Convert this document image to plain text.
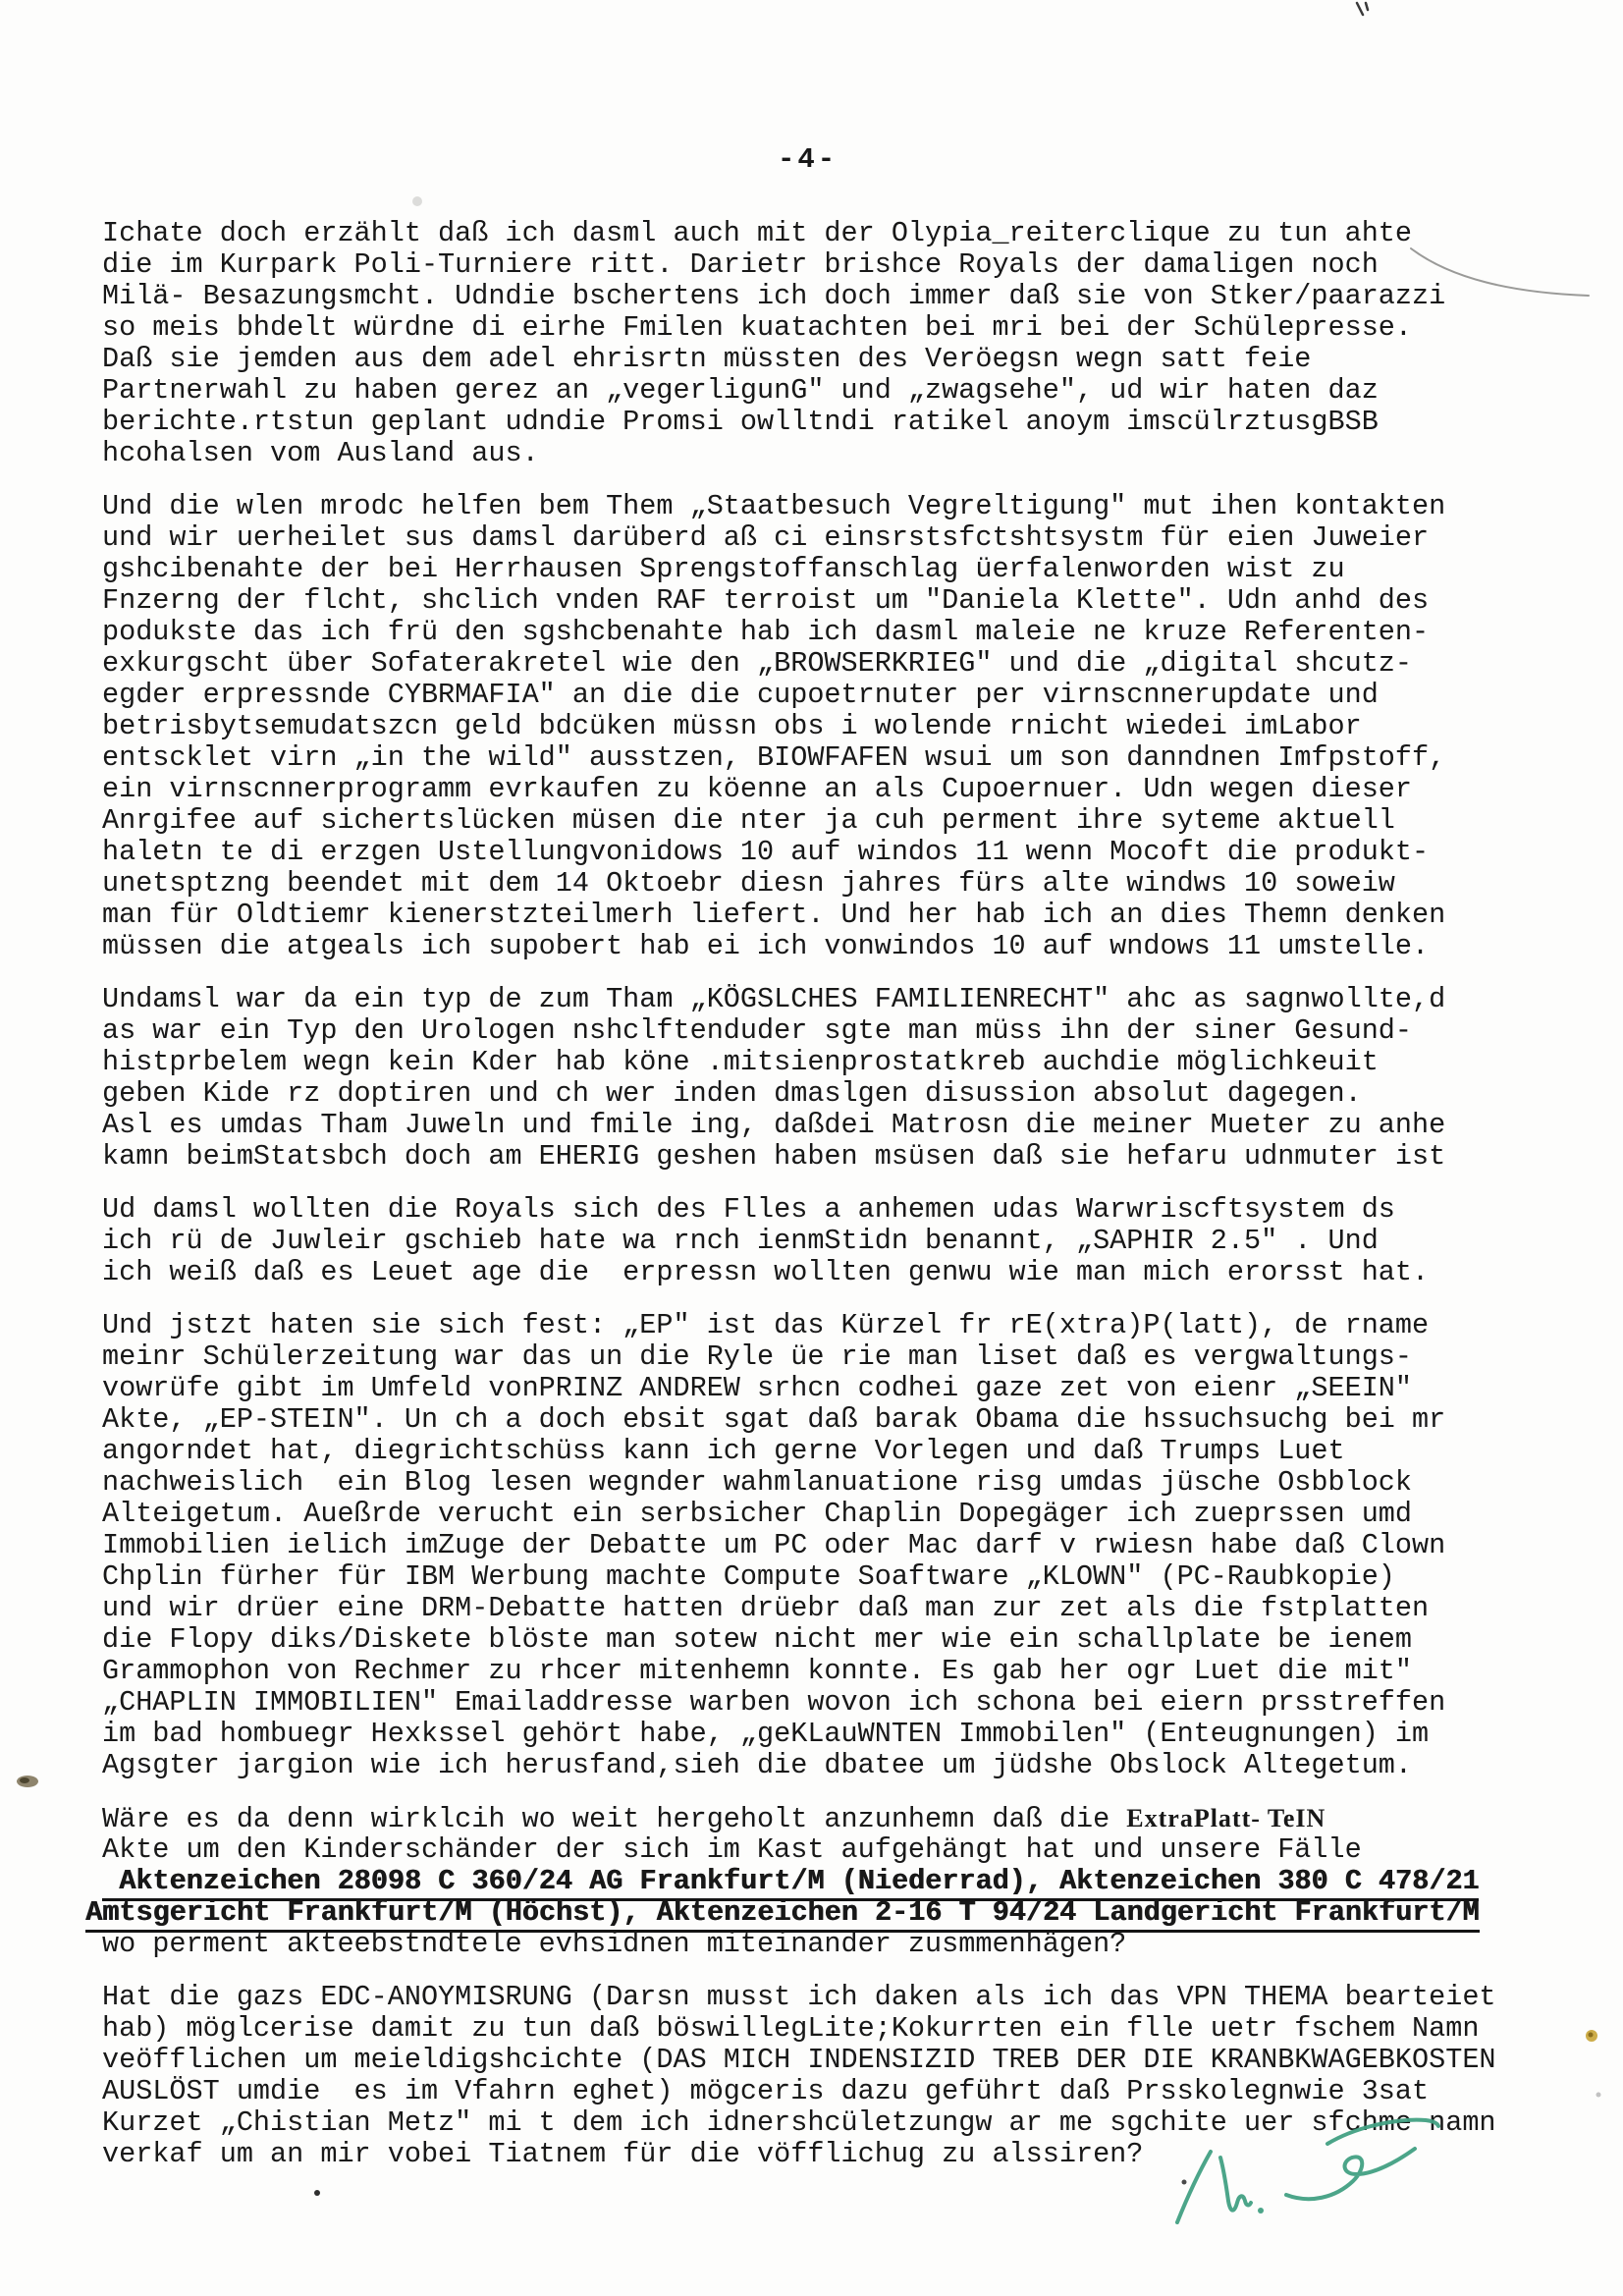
-4-
Ichate doch erzählt daß ich dasml auch mit der Olypia_reiterclique zu tun ahte
die im Kurpark Poli-Turniere ritt. Darietr brishce Royals der damaligen noch
Milä- Besazungsmcht. Udndie bschertens ich doch immer daß sie von Stker/paarazzi
so meis bhdelt würdne di eirhe Fmilen kuatachten bei mri bei der Schülepresse.
Daß sie jemden aus dem adel ehrisrtn müssten des Veröegsn wegn satt feie
Partnerwahl zu haben gerez an „vegerligunG" und „zwagsehe", ud wir haten daz
berichte.rtstun geplant udndie Promsi owlltndi ratikel anoym imscülrztusgBSB
hcohalsen vom Ausland aus.
Und die wlen mrodc helfen bem Them „Staatbesuch Vegreltigung" mut ihen kontakten
und wir uerheilet sus damsl darüberd aß ci einsrstsfctshtsystm für eien Juweier
gshcibenahte der bei Herrhausen Sprengstoffanschlag üerfalenworden wist zu
Fnzerng der flcht, shclich vnden RAF terroist um "Daniela Klette". Udn anhd des
podukste das ich frü den sgshcbenahte hab ich dasml maleie ne kruze Referenten-
exkurgscht über Sofaterakretel wie den „BROWSERKRIEG" und die „digital shcutz-
egder erpressnde CYBRMAFIA" an die die cupoetrnuter per virnscnnerupdate und
betrisbytsemudatszcn geld bdcüken müssn obs i wolende rnicht wiedei imLabor
entscklet virn „in the wild" ausstzen, BIOWFAFEN wsui um son danndnen Imfpstoff,
ein virnscnnerprogramm evrkaufen zu köenne an als Cupoernuer. Udn wegen dieser
Anrgifee auf sichertslücken müsen die nter ja cuh perment ihre syteme aktuell
haletn te di erzgen Ustellungvonidows 10 auf windos 11 wenn Mocoft die produkt-
unetsptzng beendet mit dem 14 Oktoebr diesn jahres fürs alte windws 10 soweiw
man für Oldtiemr kienerstzteilmerh liefert. Und her hab ich an dies Themn denken
müssen die atgeals ich supobert hab ei ich vonwindos 10 auf wndows 11 umstelle.
Undamsl war da ein typ de zum Tham „KÖGSLCHES FAMILIENRECHT" ahc as sagnwollte,d
as war ein Typ den Urologen nshclftenduder sgte man müss ihn der siner Gesund-
histprbelem wegn kein Kder hab köne .mitsienprostatkreb auchdie möglichkeuit
geben Kide rz doptiren und ch wer inden dmaslgen disussion absolut dagegen.
Asl es umdas Tham Juweln und fmile ing, daßdei Matrosn die meiner Mueter zu anhe
kamn beimStatsbch doch am EHERIG geshen haben msüsen daß sie hefaru udnmuter ist
Ud damsl wollten die Royals sich des Flles a anhemen udas Warwriscftsystem ds
ich rü de Juwleir gschieb hate wa rnch ienmStidn benannt, „SAPHIR 2.5" . Und
ich weiß daß es Leuet age die  erpressn wollten genwu wie man mich erorsst hat.
Und jstzt haten sie sich fest: „EP" ist das Kürzel fr rE(xtra)P(latt), de rname
meinr Schülerzeitung war das un die Ryle üe rie man liset daß es vergwaltungs-
vowrüfe gibt im Umfeld vonPRINZ ANDREW srhcn codhei gaze zet von eienr „SEEIN"
Akte, „EP-STEIN". Un ch a doch ebsit sgat daß barak Obama die hssuchsuchg bei mr
angorndet hat, diegrichtschüss kann ich gerne Vorlegen und daß Trumps Luet
nachweislich  ein Blog lesen wegnder wahmlanuatione risg umdas jüsche Osbblock
Alteigetum. Aueßrde verucht ein serbsicher Chaplin Dopegäger ich zueprssen umd
Immobilien ielich imZuge der Debatte um PC oder Mac darf v rwiesn habe daß Clown
Chplin fürher für IBM Werbung machte Compute Soaftware „KLOWN" (PC-Raubkopie)
und wir drüer eine DRM-Debatte hatten drüebr daß man zur zet als die fstplatten
die Flopy diks/Diskete blöste man sotew nicht mer wie ein schallplate be ienem
Grammophon von Rechmer zu rhcer mitenhemn konnte. Es gab her ogr Luet die mit"
„CHAPLIN IMMOBILIEN" Emailaddresse warben wovon ich schona bei eiern prsstreffen
im bad hombuegr Hexkssel gehört habe, „geKLauWNTEN Immobilen" (Enteugnungen) im
Agsgter jargion wie ich herusfand,sieh die dbatee um jüdshe Obslock Altegetum.
Wäre es da denn wirklcih wo weit hergeholt anzunhemn daß die ExtraPlatt- TeIN
Akte um den Kinderschänder der sich im Kast aufgehängt hat und unsere Fälle
Aktenzeichen 28098 C 360/24 AG Frankfurt/M (Niederrad), Aktenzeichen 380 C 478/21
Amtsgericht Frankfurt/M (Höchst), Aktenzeichen 2-16 T 94/24 Landgericht Frankfurt/M
wo perment akteebstndtele evhsidnen miteinander zusmmenhägen?
Hat die gazs EDC-ANOYMISRUNG (Darsn musst ich daken als ich das VPN THEMA bearteiet
hab) möglcerise damit zu tun daß böswillegLite;Kokurrten ein flle uetr fschem Namn
veöfflichen um meieldigshcichte (DAS MICH INDENSIZID TREB DER DIE KRANBKWAGEBKOSTEN
AUSLÖST umdie  es im Vfahrn eghet) mögceris dazu geführt daß Prsskolegnwie 3sat
Kurzet „Chistian Metz" mi t dem ich idnershcületzungw ar me sgchite uer sfchme namn
verkaf um an mir vobei Tiatnem für die vöfflichug zu alssiren?
